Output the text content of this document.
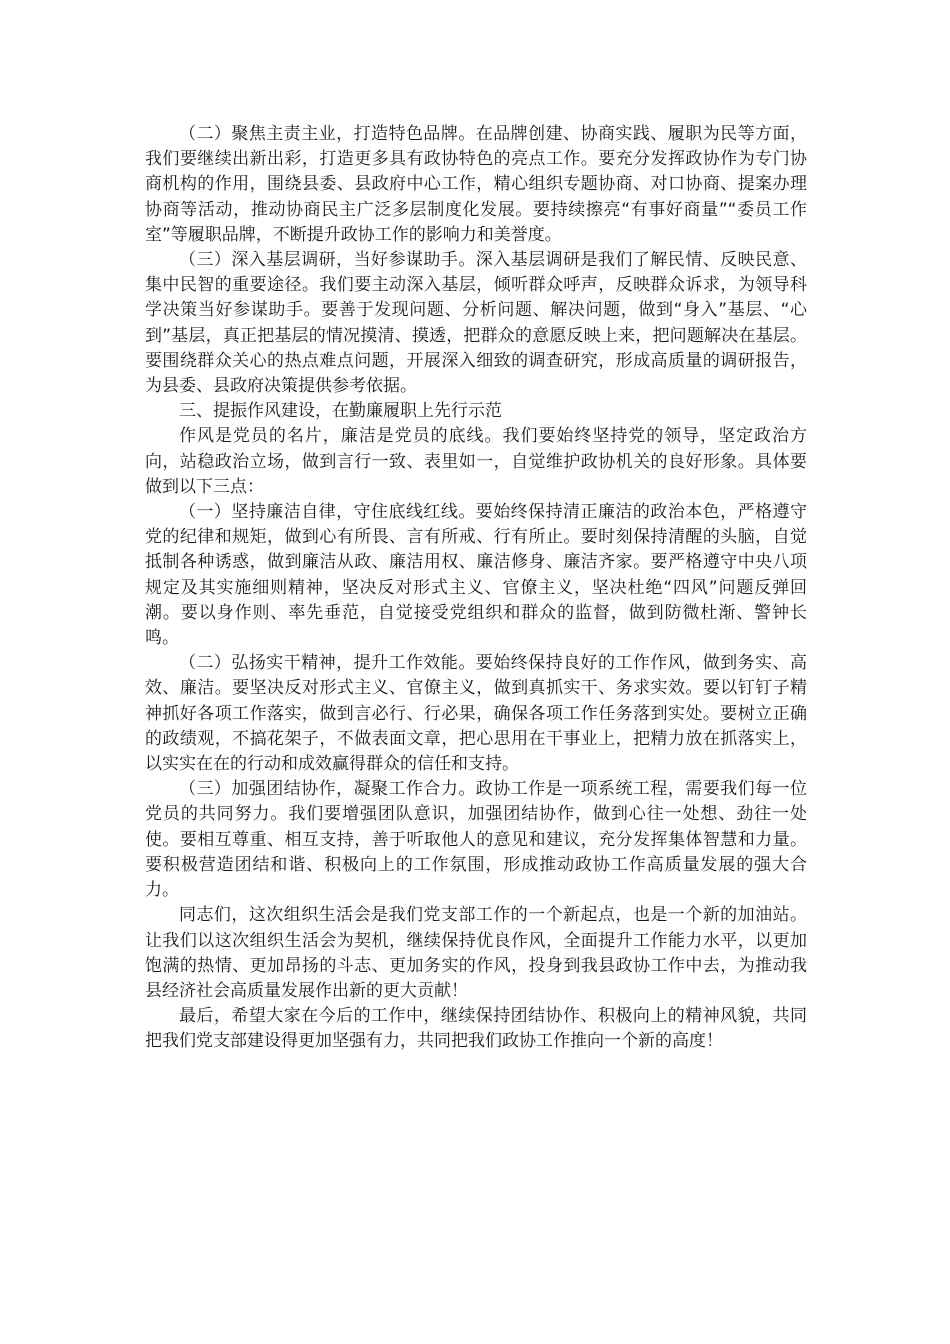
（二）聚焦主责主业，打造特色品牌。在品牌创建、协商实践、履职为民等方面，我们要继续出新出彩，打造更多具有政协特色的亮点工作。要充分发挥政协作为专门协商机构的作用，围绕县委、县政府中心工作，精心组织专题协商、对口协商、提案办理协商等活动，推动协商民主广泛多层制度化发展。要持续擦亮“有事好商量”“委员工作室”等履职品牌，不断提升政协工作的影响力和美誉度。

（三）深入基层调研，当好参谋助手。深入基层调研是我们了解民情、反映民意、集中民智的重要途径。我们要主动深入基层，倾听群众呼声，反映群众诉求，为领导科学决策当好参谋助手。要善于发现问题、分析问题、解决问题，做到“身入”基层、“心到”基层，真正把基层的情况摸清、摸透，把群众的意愿反映上来，把问题解决在基层。要围绕群众关心的热点难点问题，开展深入细致的调查研究，形成高质量的调研报告，为县委、县政府决策提供参考依据。

三、提振作风建设，在勤廉履职上先行示范

作风是党员的名片，廉洁是党员的底线。我们要始终坚持党的领导，坚定政治方向，站稳政治立场，做到言行一致、表里如一，自觉维护政协机关的良好形象。具体要做到以下三点：

（一）坚持廉洁自律，守住底线红线。要始终保持清正廉洁的政治本色，严格遵守党的纪律和规矩，做到心有所畏、言有所戒、行有所止。要时刻保持清醒的头脑，自觉抵制各种诱惑，做到廉洁从政、廉洁用权、廉洁修身、廉洁齐家。要严格遵守中央八项规定及其实施细则精神，坚决反对形式主义、官僚主义，坚决杜绝“四风”问题反弹回潮。要以身作则、率先垂范，自觉接受党组织和群众的监督，做到防微杜渐、警钟长鸣。

（二）弘扬实干精神，提升工作效能。要始终保持良好的工作作风，做到务实、高效、廉洁。要坚决反对形式主义、官僚主义，做到真抓实干、务求实效。要以钉钉子精神抓好各项工作落实，做到言必行、行必果，确保各项工作任务落到实处。要树立正确的政绩观，不搞花架子，不做表面文章，把心思用在干事业上，把精力放在抓落实上，以实实在在的行动和成效赢得群众的信任和支持。

（三）加强团结协作，凝聚工作合力。政协工作是一项系统工程，需要我们每一位党员的共同努力。我们要增强团队意识，加强团结协作，做到心往一处想、劲往一处使。要相互尊重、相互支持，善于听取他人的意见和建议，充分发挥集体智慧和力量。要积极营造团结和谐、积极向上的工作氛围，形成推动政协工作高质量发展的强大合力。

同志们，这次组织生活会是我们党支部工作的一个新起点，也是一个新的加油站。让我们以这次组织生活会为契机，继续保持优良作风，全面提升工作能力水平，以更加饱满的热情、更加昂扬的斗志、更加务实的作风，投身到我县政协工作中去，为推动我县经济社会高质量发展作出新的更大贡献！

最后，希望大家在今后的工作中，继续保持团结协作、积极向上的精神风貌，共同把我们党支部建设得更加坚强有力，共同把我们政协工作推向一个新的高度！
